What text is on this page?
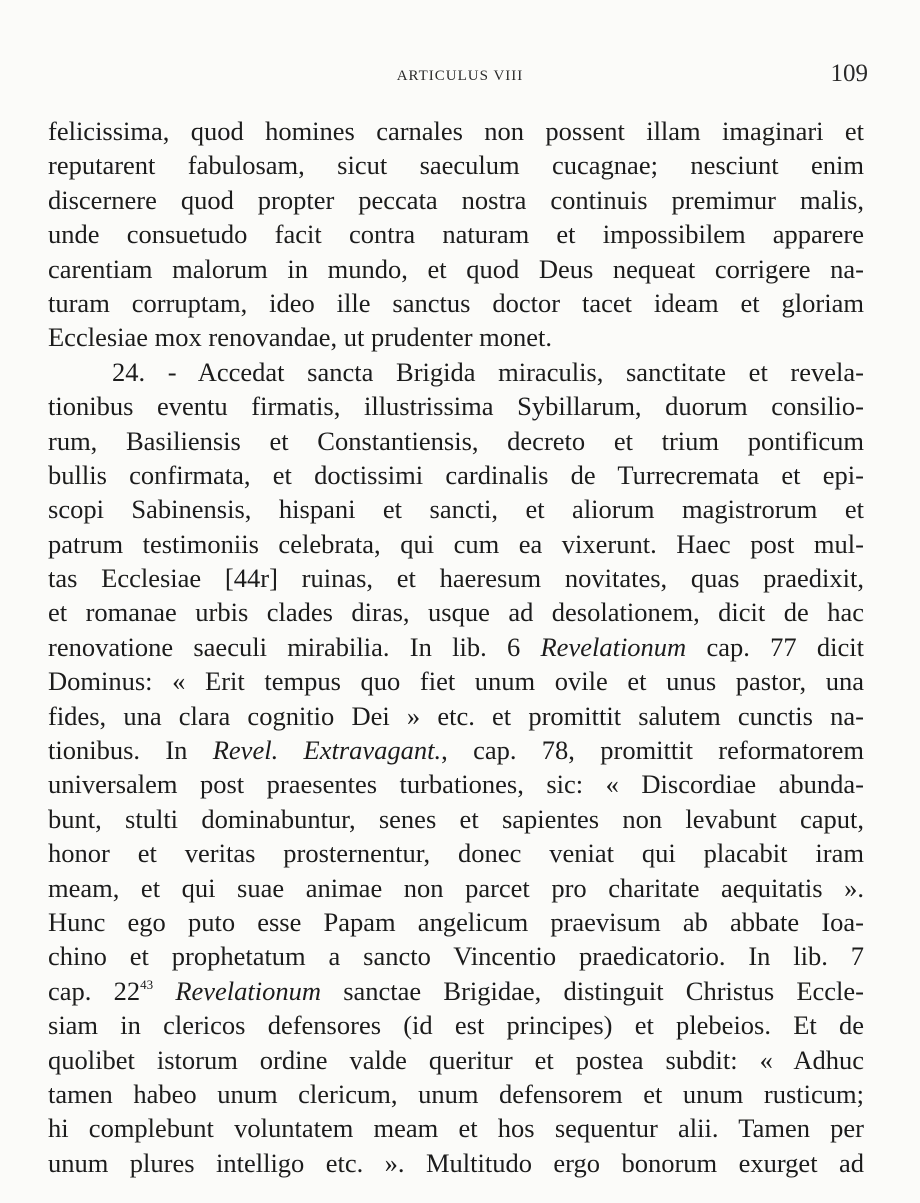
ARTICULUS VIII	109
felicissima, quod homines carnales non possent illam imaginari et
reputarent fabulosam, sicut saeculum cucagnae; nesciunt enim
discernere quod propter peccata nostra continuis premimur malis,
unde consuetudo facit contra naturam et impossibilem apparere
carentiam malorum in mundo, et quod Deus nequeat corrigere na-
turam corruptam, ideo ille sanctus doctor tacet ideam et gloriam
Ecclesiae mox renovandae, ut prudenter monet.
24. - Accedat sancta Brigida miraculis, sanctitate et revela-
tionibus eventu firmatis, illustrissima Sybillarum, duorum consilio-
rum, Basiliensis et Constantiensis, decreto et trium pontificum
bullis confirmata, et doctissimi cardinalis de Turrecremata et epi-
scopi Sabinensis, hispani et sancti, et aliorum magistrorum et
patrum testimoniis celebrata, qui cum ea vixerunt. Haec post mul-
tas Ecclesiae [44r] ruinas, et haeresum novitates, quas praedixit,
et romanae urbis clades diras, usque ad desolationem, dicit de hac
renovatione saeculi mirabilia. In lib. 6 Revelationum cap. 77 dicit
Dominus: « Erit tempus quo fiet unum ovile et unus pastor, una
fides, una clara cognitio Dei » etc. et promittit salutem cunctis na-
tionibus. In Revel. Extravagant., cap. 78, promittit reformatorem
universalem post praesentes turbationes, sic: « Discordiae abunda-
bunt, stulti dominabuntur, senes et sapientes non levabunt caput,
honor et veritas prosternentur, donec veniat qui placabit iram
meam, et qui suae animae non parcet pro charitate aequitatis ».
Hunc ego puto esse Papam angelicum praevisum ab abbate Ioa-
chino et prophetatum a sancto Vincentio praedicatorio. In lib. 7
cap. $22^{43}$ Revelationum sanctae Brigidae, distinguit Christus Eccle-
siam in clericos defensores (id est principes) et plebeios. Et de
quolibet istorum ordine valde queritur et postea subdit: « Adhuc
tamen habeo unum clericum, unum defensorem et unum rusticum;
hi complebunt voluntatem meam et hos sequentur alii. Tamen per
unum plures intelligo etc. ». Multitudo ergo bonorum exurget ad
